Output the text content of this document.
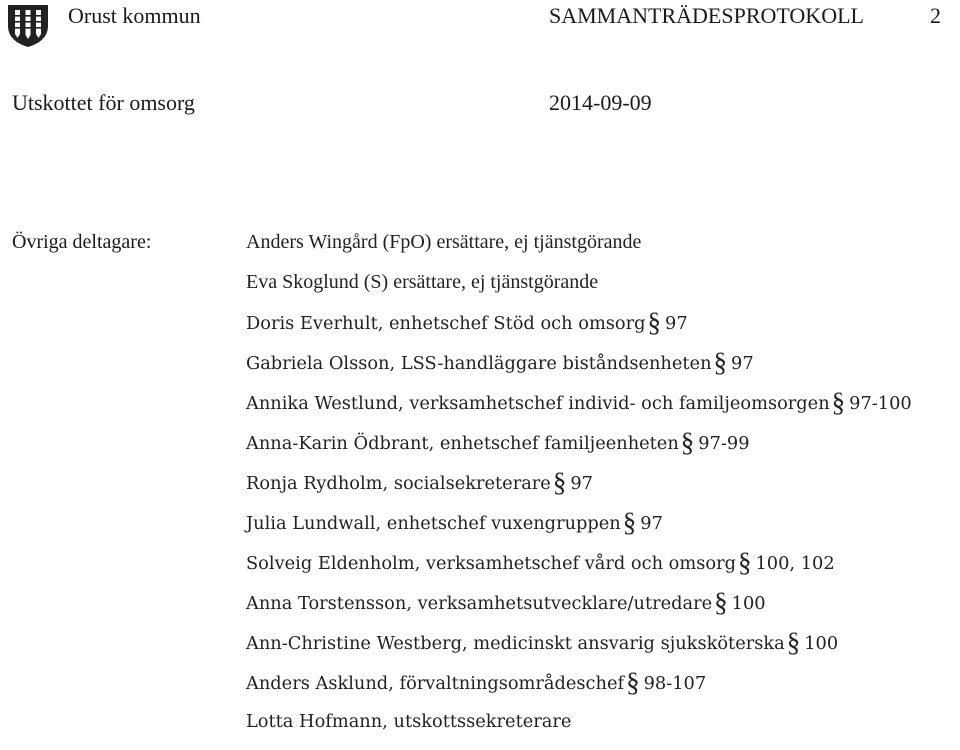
Orust kommun	SAMMANTRÄDESPROTOKOLL	2
Utskottet för omsorg	2014-09-09
Övriga deltagare:	Anders Wingård (FpO) ersättare, ej tjänstgörande
Eva Skoglund (S) ersättare, ej tjänstgörande
Doris Everhult, enhetschef Stöd och omsorg§ 97
Gabriela Olsson, LSS-handläggare biståndsenheten§ 97
Annika Westlund, verksamhetschef individ- och familjeomsorgen§ 97-100
Anna-Karin Ödbrant, enhetschef familjeenheten§ 97-99
Ronja Rydholm, socialsekreterare§ 97
Julia Lundwall, enhetschef vuxengruppen§ 97
Solveig Eldenholm, verksamhetschef vård och omsorg§ 100, 102
Anna Torstensson, verksamhetsutvecklare/utredare§ 100
Ann-Christine Westberg, medicinskt ansvarig sjuksköterska§ 100
Anders Asklund, förvaltningsområdeschef§ 98-107
Lotta Hofmann, utskottssekreterare
